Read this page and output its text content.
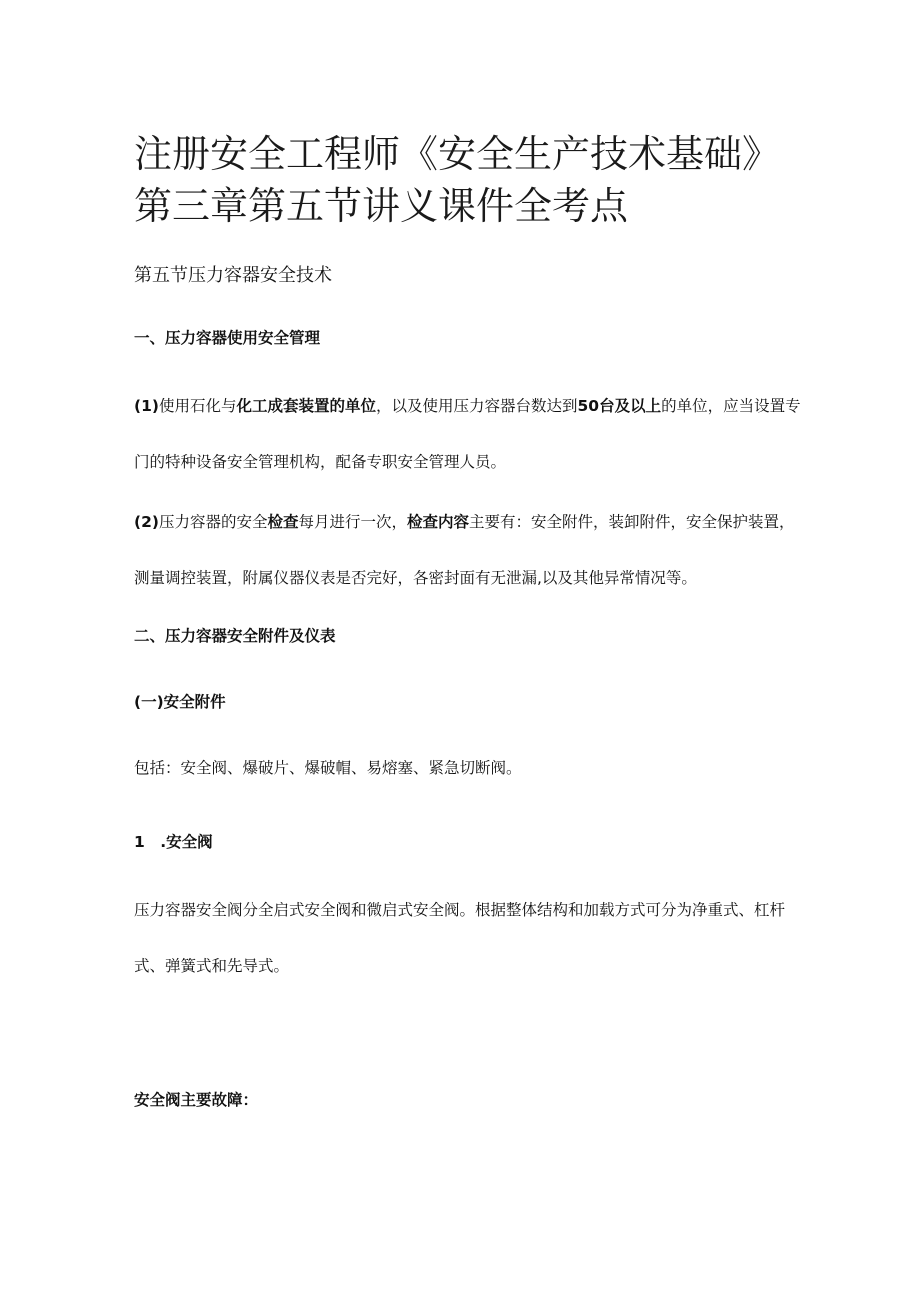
注册安全工程师《安全生产技术基础》第三章第五节讲义课件全考点

第五节压力容器安全技术

一、压力容器使用安全管理

(1)使用石化与化工成套装置的单位，以及使用压力容器台数达到50台及以上的单位，应当设置专门的特种设备安全管理机构，配备专职安全管理人员。

(2)压力容器的安全检查每月进行一次，检查内容主要有：安全附件，装卸附件，安全保护装置，测量调控装置，附属仪器仪表是否完好，各密封面有无泄漏,以及其他异常情况等。

二、压力容器安全附件及仪表

(一)安全附件

包括：安全阀、爆破片、爆破帽、易熔塞、紧急切断阀。

1　.安全阀

压力容器安全阀分全启式安全阀和微启式安全阀。根据整体结构和加载方式可分为净重式、杠杆式、弹簧式和先导式。

安全阀主要故障：
